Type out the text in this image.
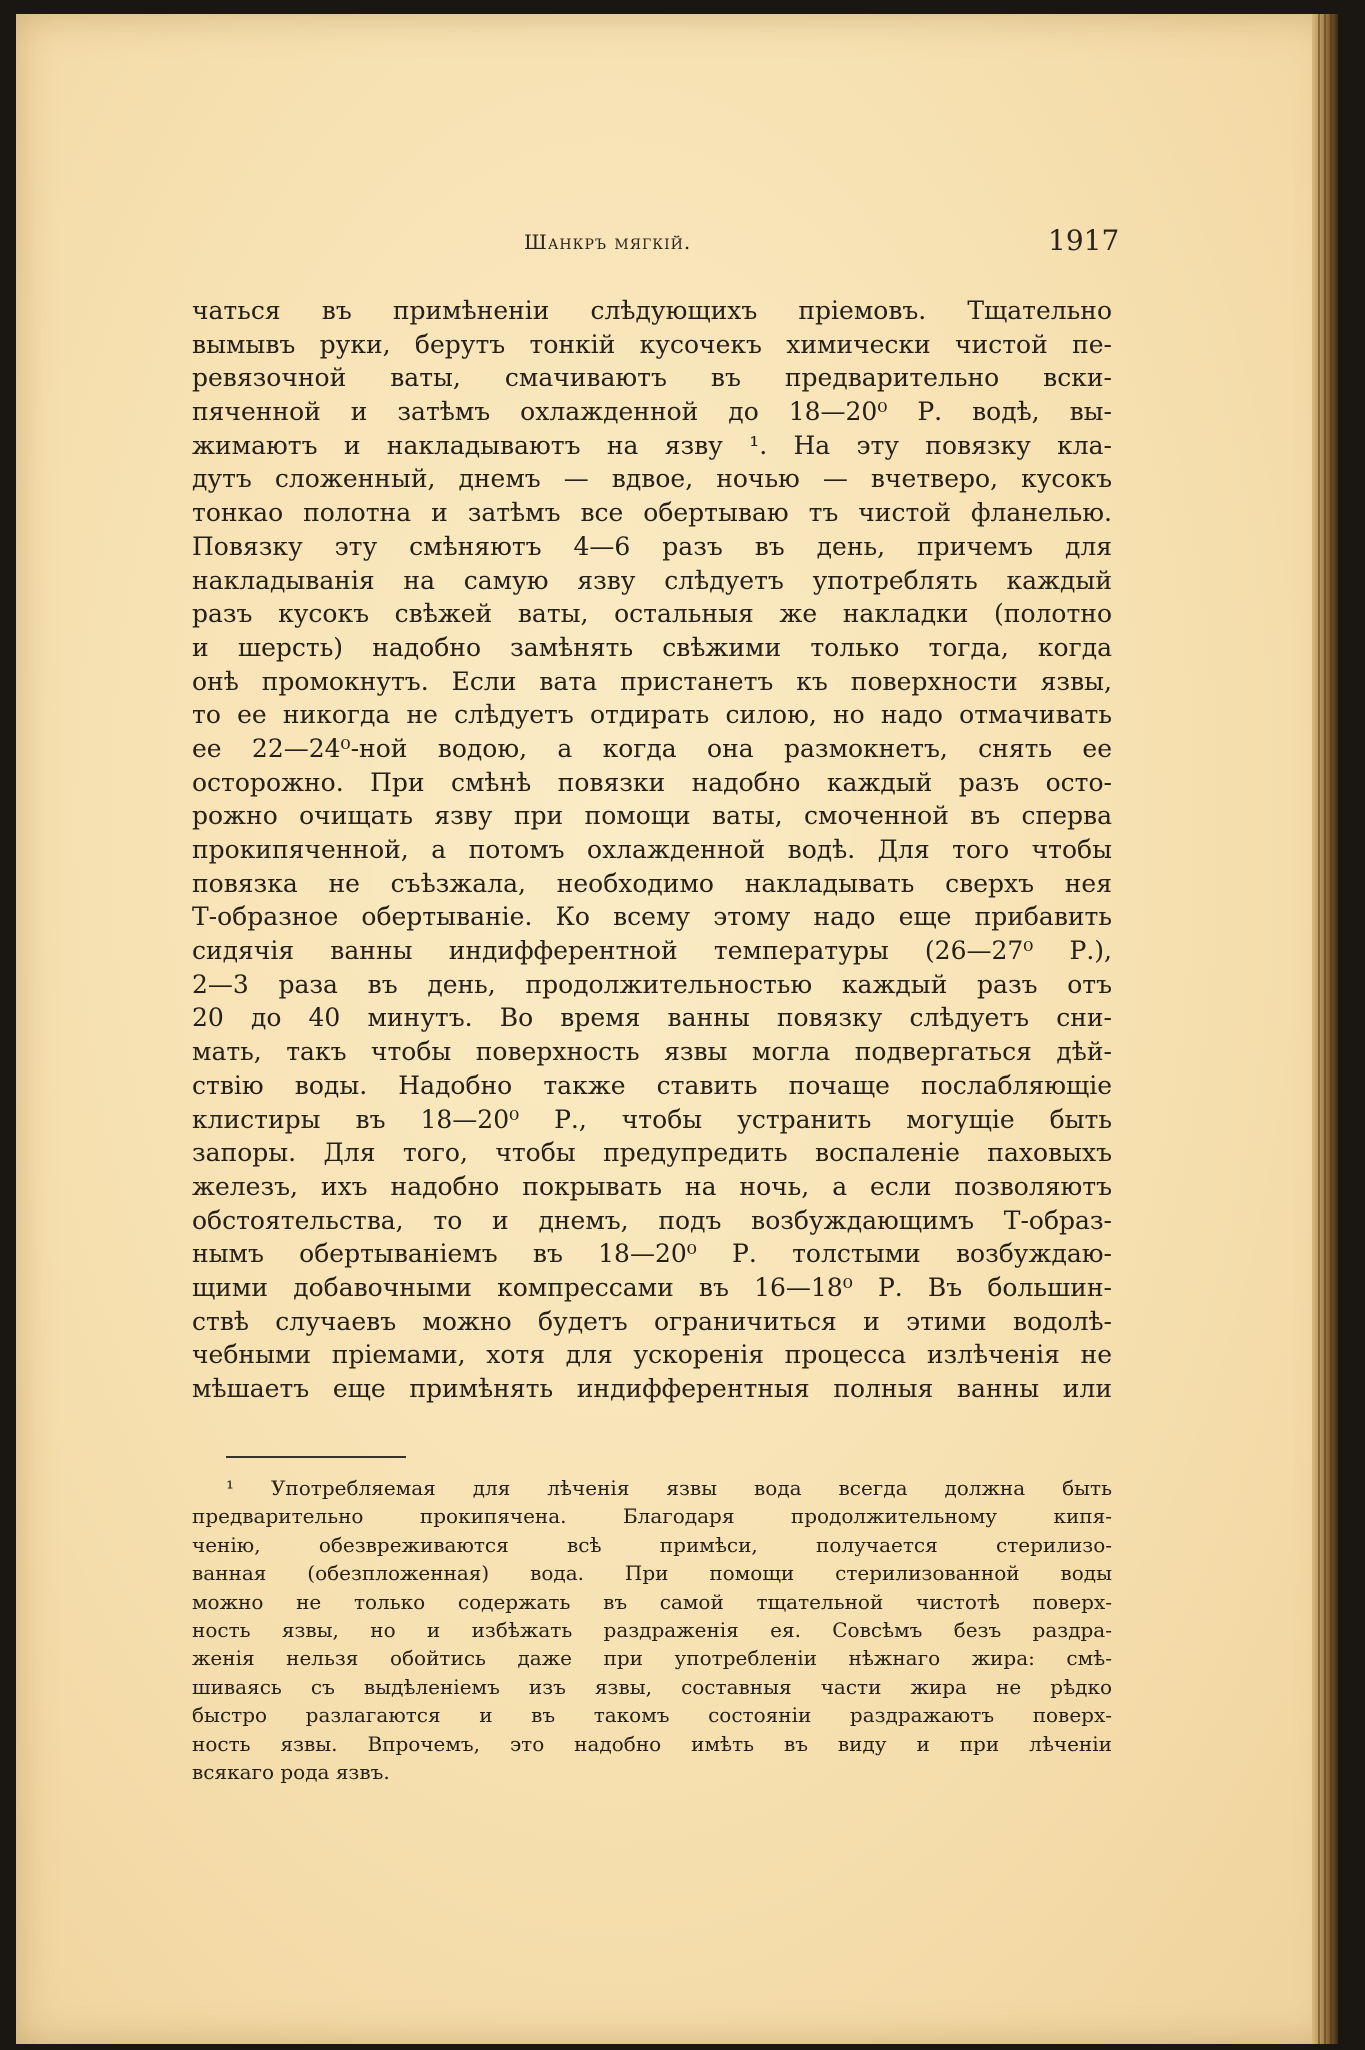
Шанкръ мягкій.	1917
чаться въ примѣненіи слѣдующихъ пріемовъ. Тщательно
вымывъ руки, берутъ тонкій кусочекъ химически чистой пе-
ревязочной ваты, смачиваютъ въ предварительно вски-
пяченной и затѣмъ охлажденной до 18—20⁰ Р. водѣ, вы-
жимаютъ и накладываютъ на язву ¹. На эту повязку кла-
дутъ сложенный, днемъ — вдвое, ночью — вчетверо, кусокъ
тонкао полотна и затѣмъ все обертываю тъ чистой фланелью.
Повязку эту смѣняютъ 4—6 разъ въ день, причемъ для
накладыванія на самую язву слѣдуетъ употреблять каждый
разъ кусокъ свѣжей ваты, остальныя же накладки (полотно
и шерсть) надобно замѣнять свѣжими только тогда, когда
онѣ промокнутъ. Если вата пристанетъ къ поверхности язвы,
то ее никогда не слѣдуетъ отдирать силою, но надо отмачивать
ее 22—24⁰-ной водою, а когда она размокнетъ, снять ее
осторожно. При смѣнѣ повязки надобно каждый разъ осто-
рожно очищать язву при помощи ваты, смоченной въ сперва
прокипяченной, а потомъ охлажденной водѣ. Для того чтобы
повязка не съѣзжала, необходимо накладывать сверхъ нея
Т-образное обертываніе. Ко всему этому надо еще прибавить
сидячія ванны индифферентной температуры (26—27⁰ Р.),
2—3 раза въ день, продолжительностью каждый разъ отъ
20 до 40 минутъ. Во время ванны повязку слѣдуетъ сни-
мать, такъ чтобы поверхность язвы могла подвергаться дѣй-
ствію воды. Надобно также ставить почаще послабляющіе
клистиры въ 18—20⁰ Р., чтобы устранить могущіе быть
запоры. Для того, чтобы предупредить воспаленіе паховыхъ
железъ, ихъ надобно покрывать на ночь, а если позволяютъ
обстоятельства, то и днемъ, подъ возбуждающимъ Т-образ-
нымъ обертываніемъ въ 18—20⁰ Р. толстыми возбуждаю-
щими добавочными компрессами въ 16—18⁰ Р. Въ большин-
ствѣ случаевъ можно будетъ ограничиться и этими водолѣ-
чебными пріемами, хотя для ускоренія процесса излѣченія не
мѣшаетъ еще примѣнять индифферентныя полныя ванны или
¹ Употребляемая для лѣченія язвы вода всегда должна быть
предварительно прокипячена. Благодаря продолжительному кипя-
ченію, обезвреживаются всѣ примѣси, получается стерилизо-
ванная (обезпложенная) вода. При помощи стерилизованной воды
можно не только содержать въ самой тщательной чистотѣ поверх-
ность язвы, но и избѣжать раздраженія ея. Совсѣмъ безъ раздра-
женія нельзя обойтись даже при употребленіи нѣжнаго жира: смѣ-
шиваясь съ выдѣленіемъ изъ язвы, составныя части жира не рѣдко
быстро разлагаются и въ такомъ состояніи раздражаютъ поверх-
ность язвы. Впрочемъ, это надобно имѣть въ виду и при лѣченіи
всякаго рода язвъ.
